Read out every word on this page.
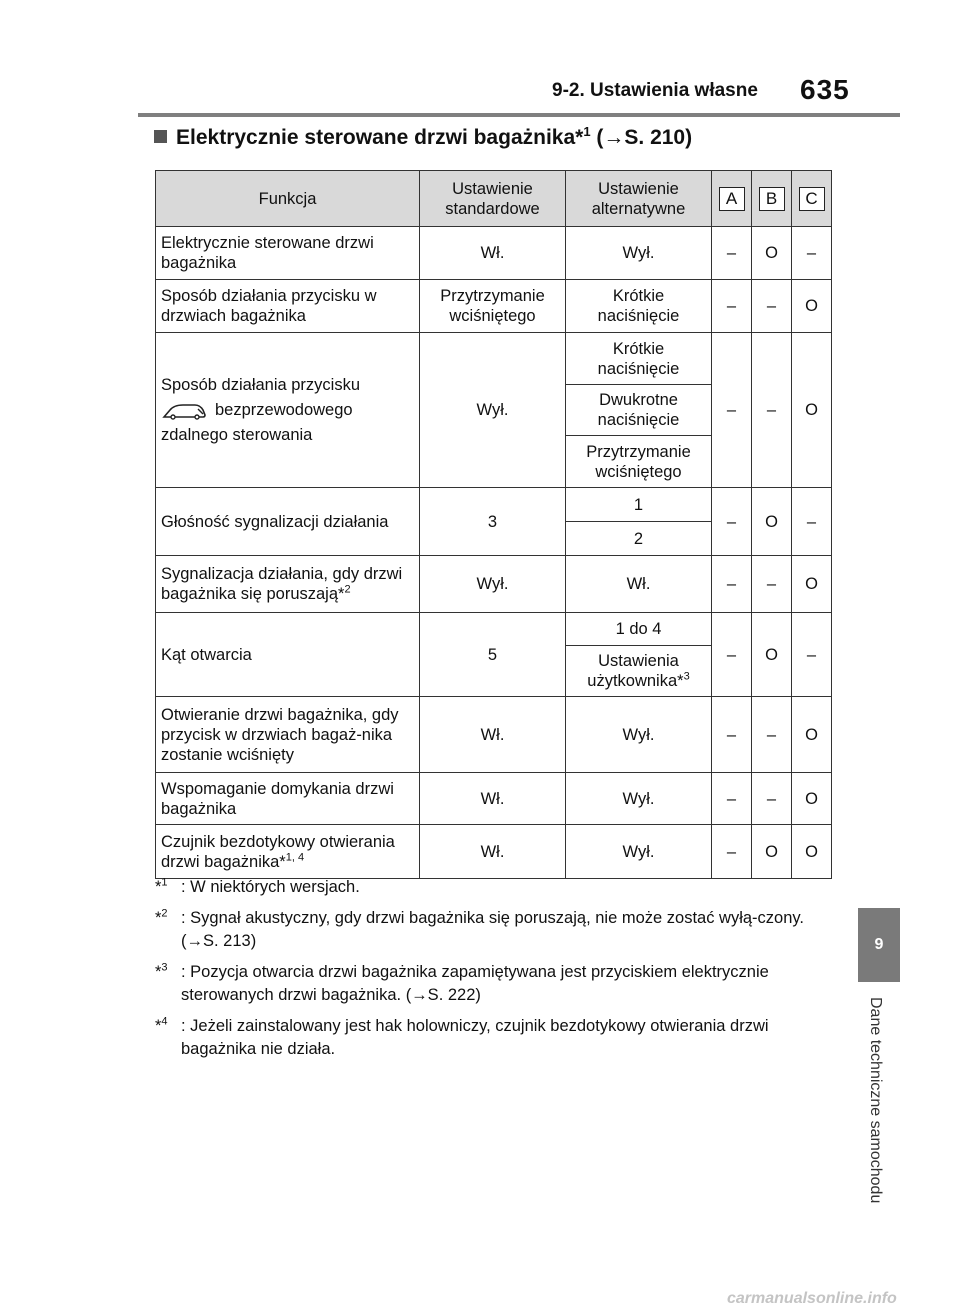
9-2. Ustawienia własne 635
Elektrycznie sterowane drzwi bagażnika*$^1$ (→S. 210)
Funkcja	Ustawienie standardowe	Ustawienie alternatywne	A	B	C
Elektrycznie sterowane drzwi bagażnika	Wł.	Wył.	–	O	–
Sposób działania przycisku w drzwiach bagażnika	Przytrzymanie wciśniętego	Krótkie naciśnięcie	–	–	O

Sposób działania przycisku
bezprzewodowego
zdalnego sterowania	Wył.	Krótkie naciśnięcie	–	–	O
		Dwukrotne naciśnięcie			
		Przytrzymanie wciśniętego			
Głośność sygnalizacji działania	3	1	–	O	–
		2			
Sygnalizacja działania, gdy drzwi bagażnika się poruszają*$^2$	Wył.	Wł.	–	–	O
Kąt otwarcia	5	1 do 4	–	O	–
		Ustawienia użytkownika*$^3$
Otwieranie drzwi bagażnika, gdy przycisk w drzwiach bagaż-nika zostanie wciśnięty	Wł.	Wył.	–	–	O
Wspomaganie domykania drzwi bagażnika	Wł.	Wył.	–	–	O
Czujnik bezdotykowy otwierania drzwi bagażnika*$^{1, 4}$	Wł.	Wył.	–	O	O
*$^1$ : W niektórych wersjach.
*$^2$ : Sygnał akustyczny, gdy drzwi bagażnika się poruszają, nie może zostać wyłą-czony. (→S. 213)
*$^3$ : Pozycja otwarcia drzwi bagażnika zapamiętywana jest przyciskiem elektrycznie sterowanych drzwi bagażnika. (→S. 222)
*$^4$ : Jeżeli zainstalowany jest hak holowniczy, czujnik bezdotykowy otwierania drzwi bagażnika nie działa.
9
Dane techniczne samochodu
carmanualsonline.info
